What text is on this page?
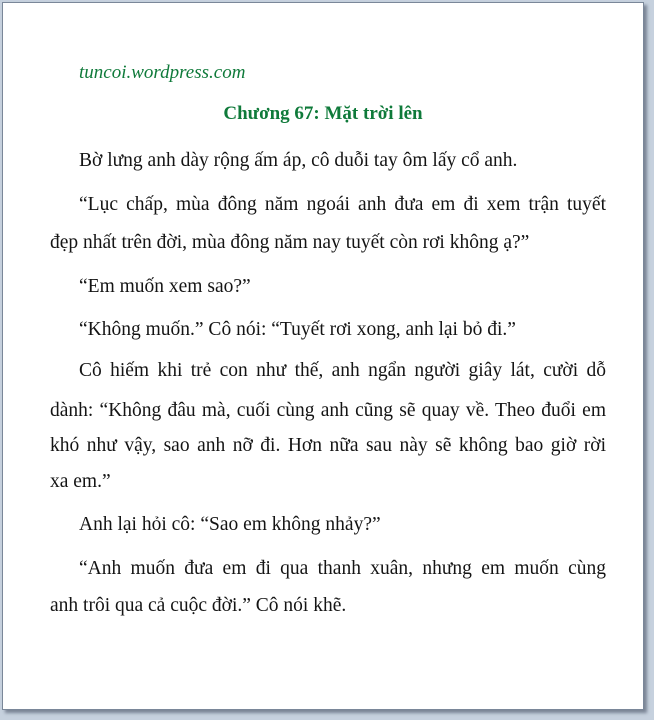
tuncoi.wordpress.com
Chương 67: Mặt trời lên
Bờ lưng anh dày rộng ấm áp, cô duỗi tay ôm lấy cổ anh.
“Lục chấp, mùa đông năm ngoái anh đưa em đi xem trận tuyết
đẹp nhất trên đời, mùa đông năm nay tuyết còn rơi không ạ?”
“Em muốn xem sao?”
“Không muốn.” Cô nói: “Tuyết rơi xong, anh lại bỏ đi.”
Cô hiếm khi trẻ con như thế, anh ngẩn người giây lát, cười dỗ
dành: “Không đâu mà, cuối cùng anh cũng sẽ quay về. Theo đuổi em
khó như vậy, sao anh nỡ đi. Hơn nữa sau này sẽ không bao giờ rời
xa em.”
Anh lại hỏi cô: “Sao em không nhảy?”
“Anh muốn đưa em đi qua thanh xuân, nhưng em muốn cùng
anh trôi qua cả cuộc đời.” Cô nói khẽ.
